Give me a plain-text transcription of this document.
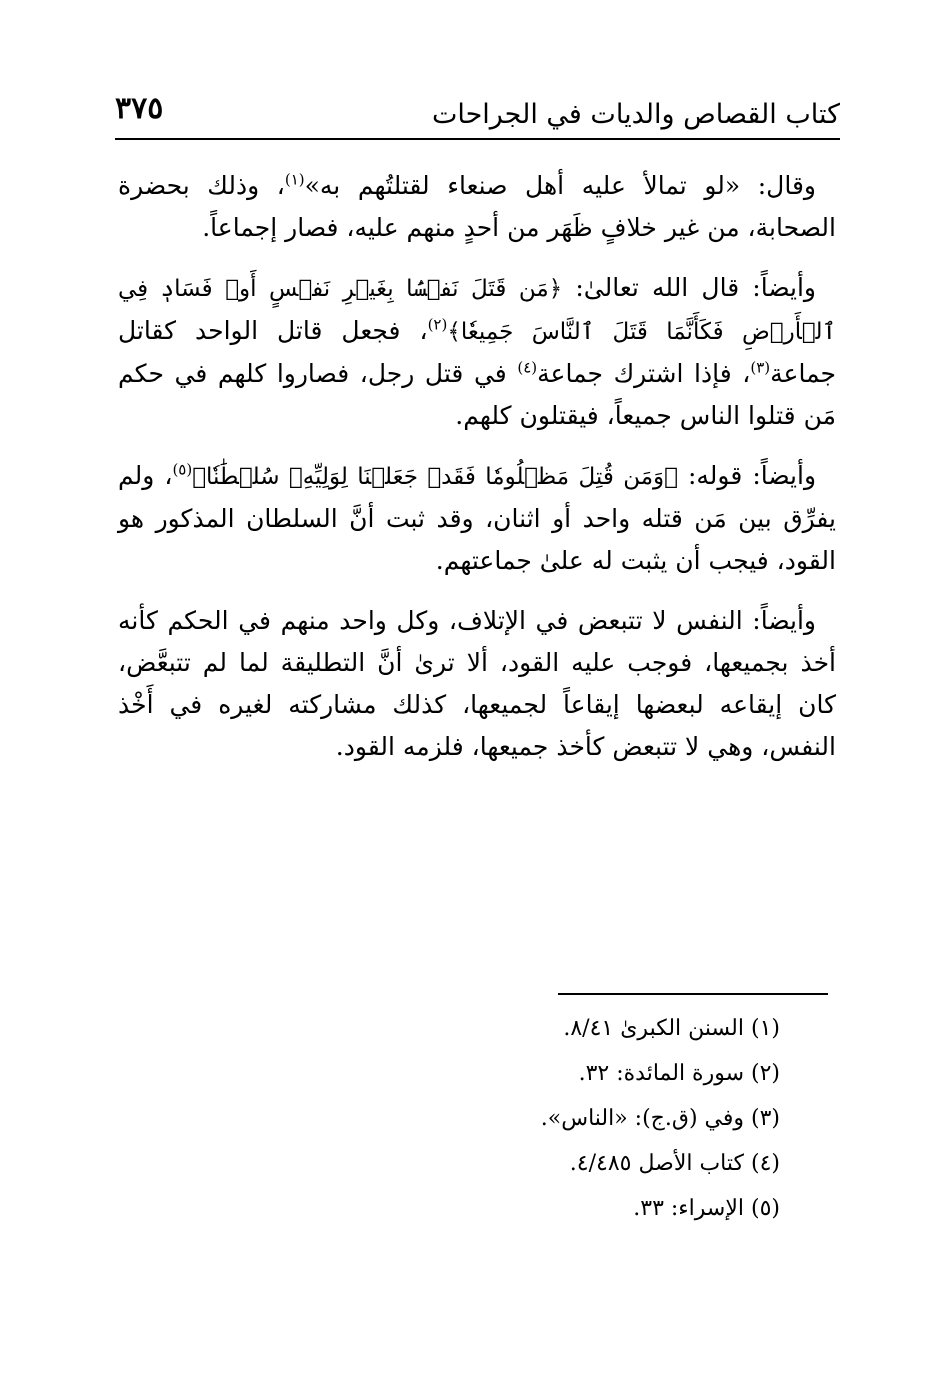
كتاب القصاص والديات في الجراحات
٣٧٥

وقال: «لو تمالأ عليه أهل صنعاء لقتلتُهم به»$^{(١)}$، وذلك بحضرة الصحابة، من غير خلافٍ ظَهَر من أحدٍ منهم عليه، فصار إجماعاً.

وأيضاً: قال الله تعالىٰ: ﴿مَن قَتَلَ نَفۡسَۢا بِغَيۡرِ نَفۡسٍ أَوۡ فَسَادٖ فِي ٱلۡأَرۡضِ فَكَأَنَّمَا قَتَلَ ٱلنَّاسَ جَمِيعٗا﴾$^{(٢)}$، فجعل قاتل الواحد كقاتل جماعة$^{(٣)}$، فإذا اشترك جماعة$^{(٤)}$ في قتل رجل، فصاروا كلهم في حكم مَن قتلوا الناس جميعاً، فيقتلون كلهم.

وأيضاً: قوله: ﴿وَمَن قُتِلَ مَظۡلُومٗا فَقَدۡ جَعَلۡنَا لِوَلِيِّهِۦ سُلۡطَٰنٗا﴾$^{(٥)}$، ولم يفرِّق بين مَن قتله واحد أو اثنان، وقد ثبت أنَّ السلطان المذكور هو القود، فيجب أن يثبت له علىٰ جماعتهم.

وأيضاً: النفس لا تتبعض في الإتلاف، وكل واحد منهم في الحكم كأنه أخذ بجميعها، فوجب عليه القود، ألا ترىٰ أنَّ التطليقة لما لم تتبعَّض، كان إيقاعه لبعضها إيقاعاً لجميعها، كذلك مشاركته لغيره في أَخْذ النفس، وهي لا تتبعض كأخذ جميعها، فلزمه القود.

(١) السنن الكبرىٰ ٨/٤١.
(٢) سورة المائدة: ٣٢.
(٣) وفي (ق.ج): «الناس».
(٤) كتاب الأصل ٤/٤٨٥.
(٥) الإسراء: ٣٣.
